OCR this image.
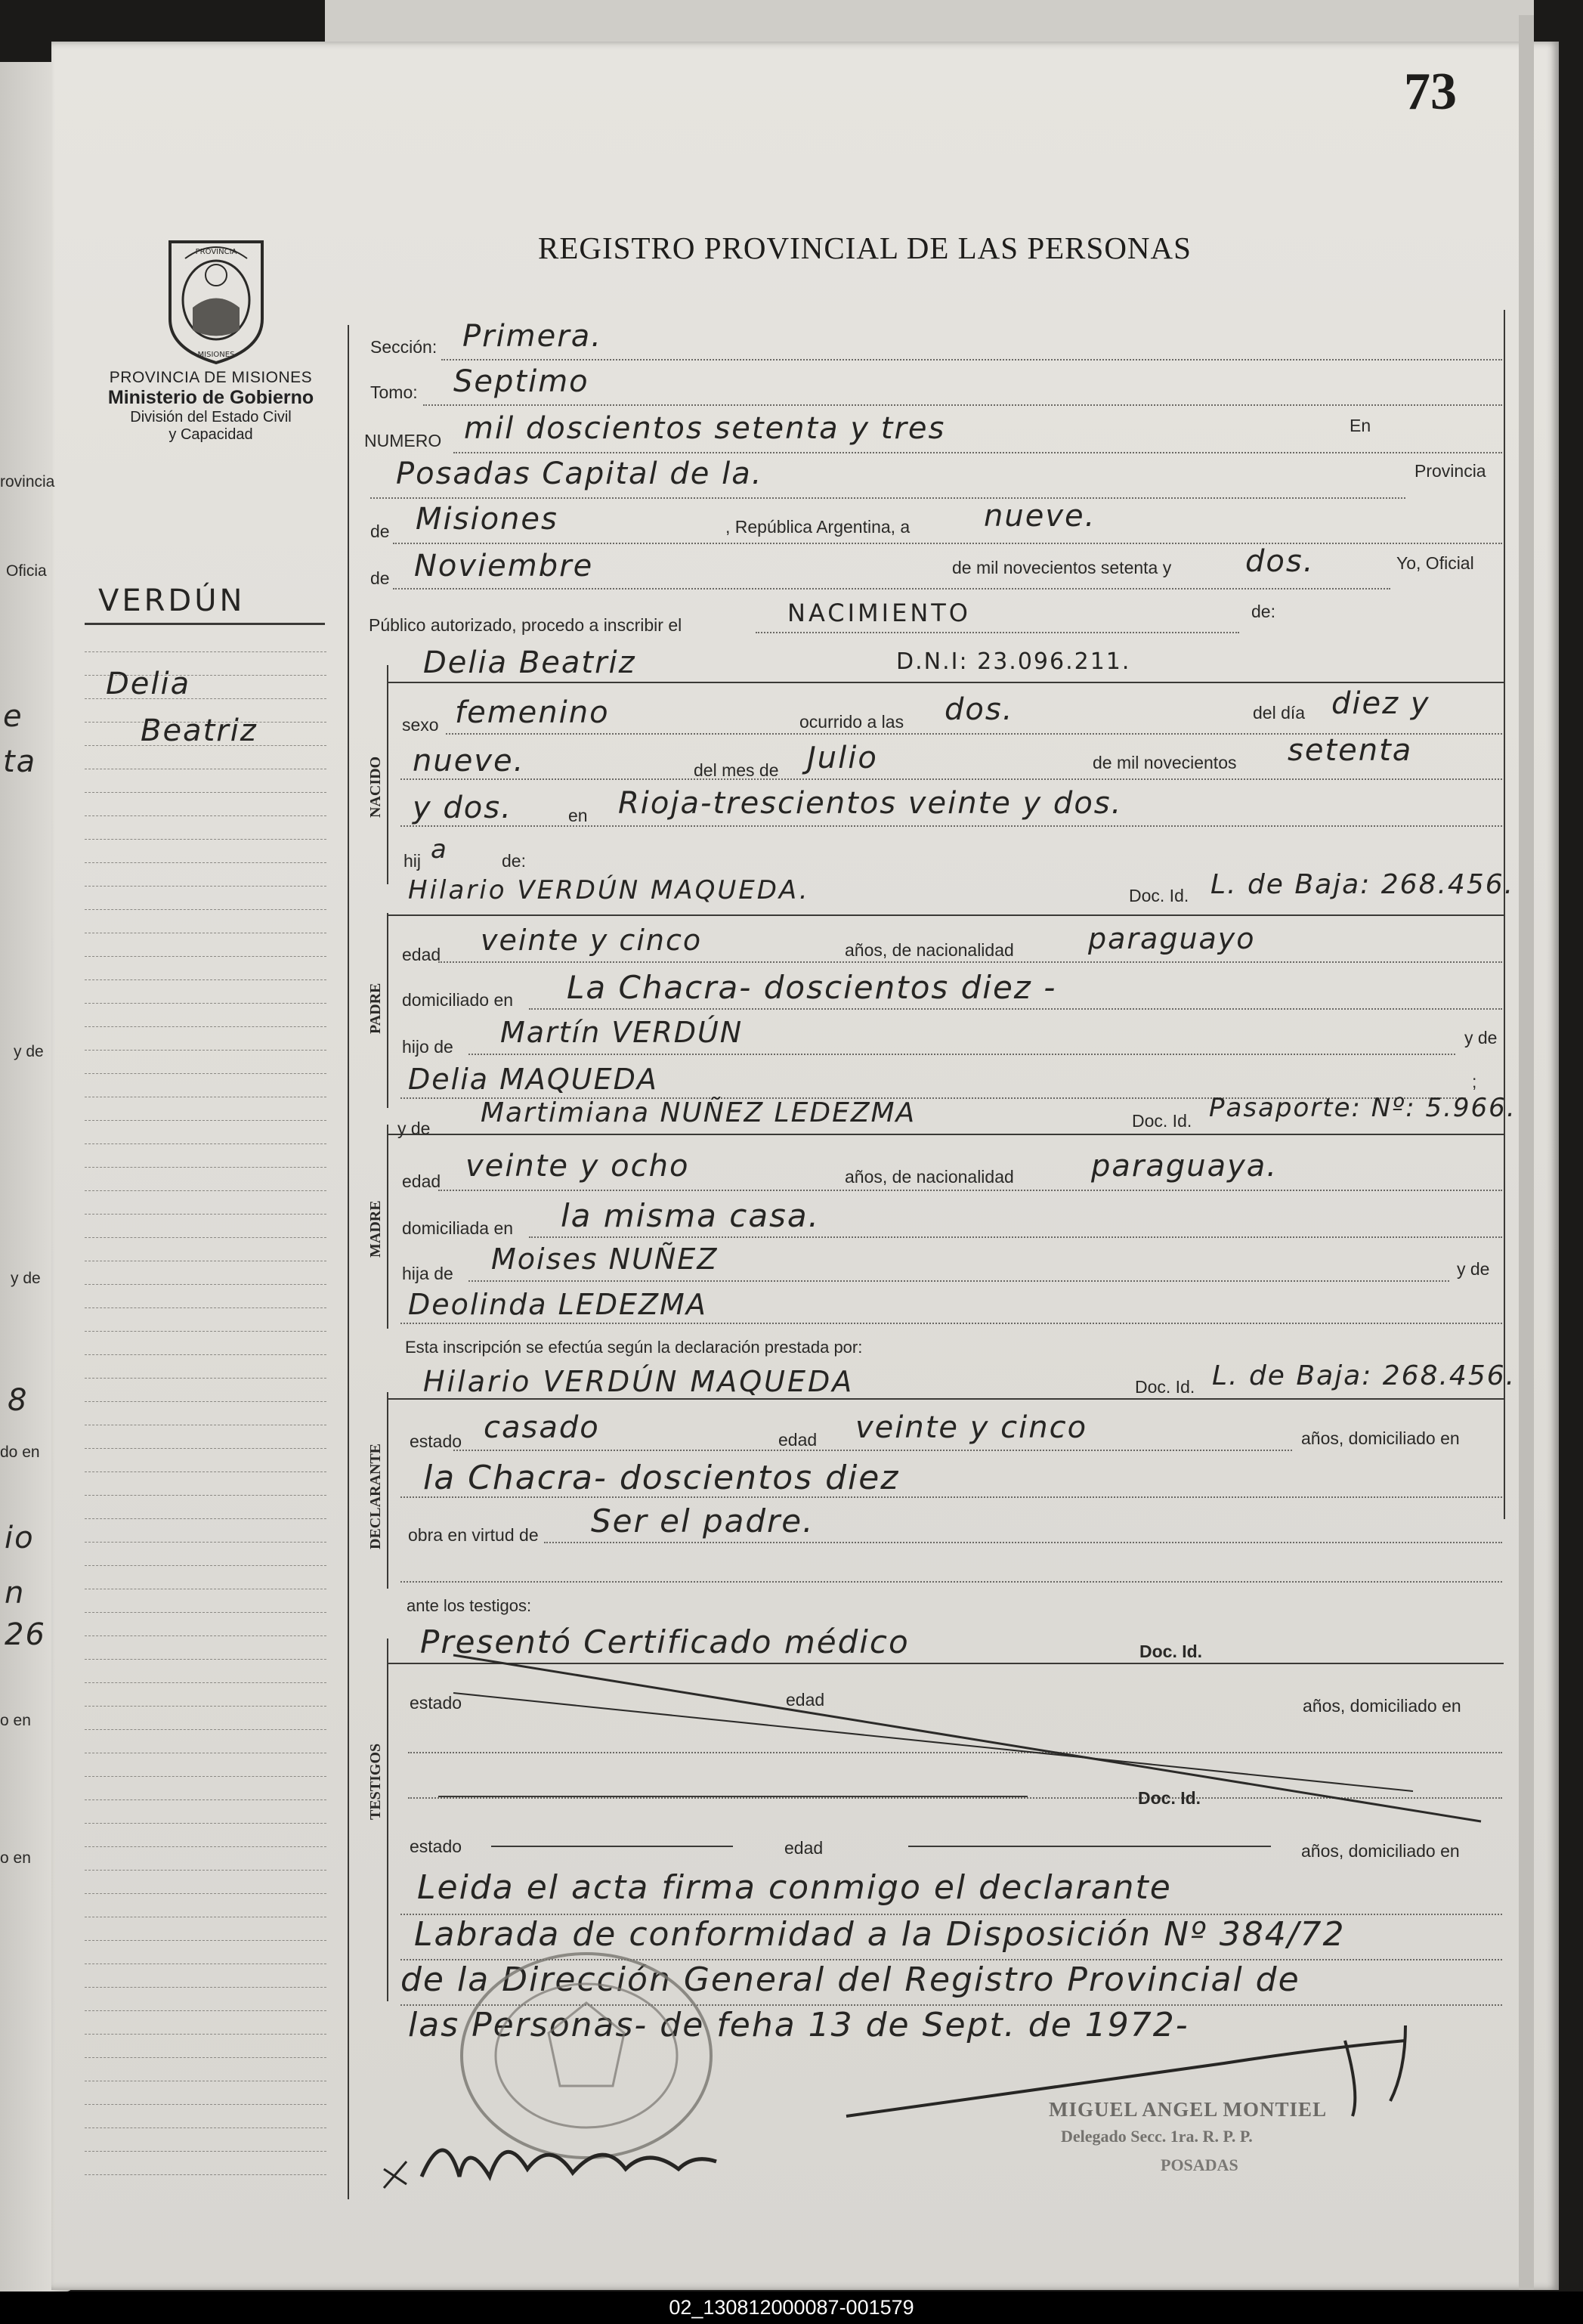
rovincia
Oficia
e
ta
y de
y de
8
do en
io
n
26
o en
o en
73
REGISTRO PROVINCIAL DE LAS PERSONAS
PROVINCIA
MISIONES
PROVINCIA DE MISIONES
Ministerio de Gobierno
División del Estado Civil
y Capacidad
VERDÚN
Delia
Beatriz
Sección: Primera.
Tomo: Septimo
NUMERO mil doscientos setenta y tres	En
Posadas Capital de la.	Provincia
de Misiones	, República Argentina, a nueve.
de Noviembre	de mil novecientos setenta y dos.	Yo, Oficial
Público autorizado, procedo a inscribir el	NACIMIENTO	de:
NACIDO
Delia Beatriz	D.N.I: 23.096.211.
sexo femenino	ocurrido a las dos.	del día diez y
nueve.	del mes de Julio	de mil novecientos setenta
y dos.	en Rioja-trescientos veinte y dos.
hij a	de:
PADRE
Hilario VERDÚN MAQUEDA.	Doc. Id. L. de Baja: 268.456.
edad veinte y cinco	años, de nacionalidad	paraguayo
domiciliado en La Chacra- doscientos diez -
hijo de Martín VERDÚN	y de
Delia MAQUEDA	;
MADRE
y de Martimiana NUÑEZ LEDEZMA	Doc. Id. Pasaporte: Nº: 5.966.
edad veinte y ocho	años, de nacionalidad	paraguaya.
domiciliada en la misma casa.
hija de Moises NUÑEZ	y de
Deolinda LEDEZMA
Esta inscripción se efectúa según la declaración prestada por:
DECLARANTE
Hilario VERDÚN MAQUEDA	Doc. Id. L. de Baja: 268.456.
estado casado	edad veinte y cinco	años, domiciliado en
la Chacra- doscientos diez
obra en virtud de Ser el padre.
ante los testigos:
TESTIGOS
Presentó Certificado médico	Doc. Id.
estado	edad	años, domiciliado en
Doc. Id.
estado	edad	años, domiciliado en
Leida el acta firma conmigo el declarante
Labrada de conformidad a la Disposición Nº 384/72
de la Dirección General del Registro Provincial de
las Personas- de feha 13 de Sept. de 1972-
MIGUEL ANGEL MONTIEL
Delegado Secc. 1ra. R. P. P.
POSADAS
02_130812000087-001579
